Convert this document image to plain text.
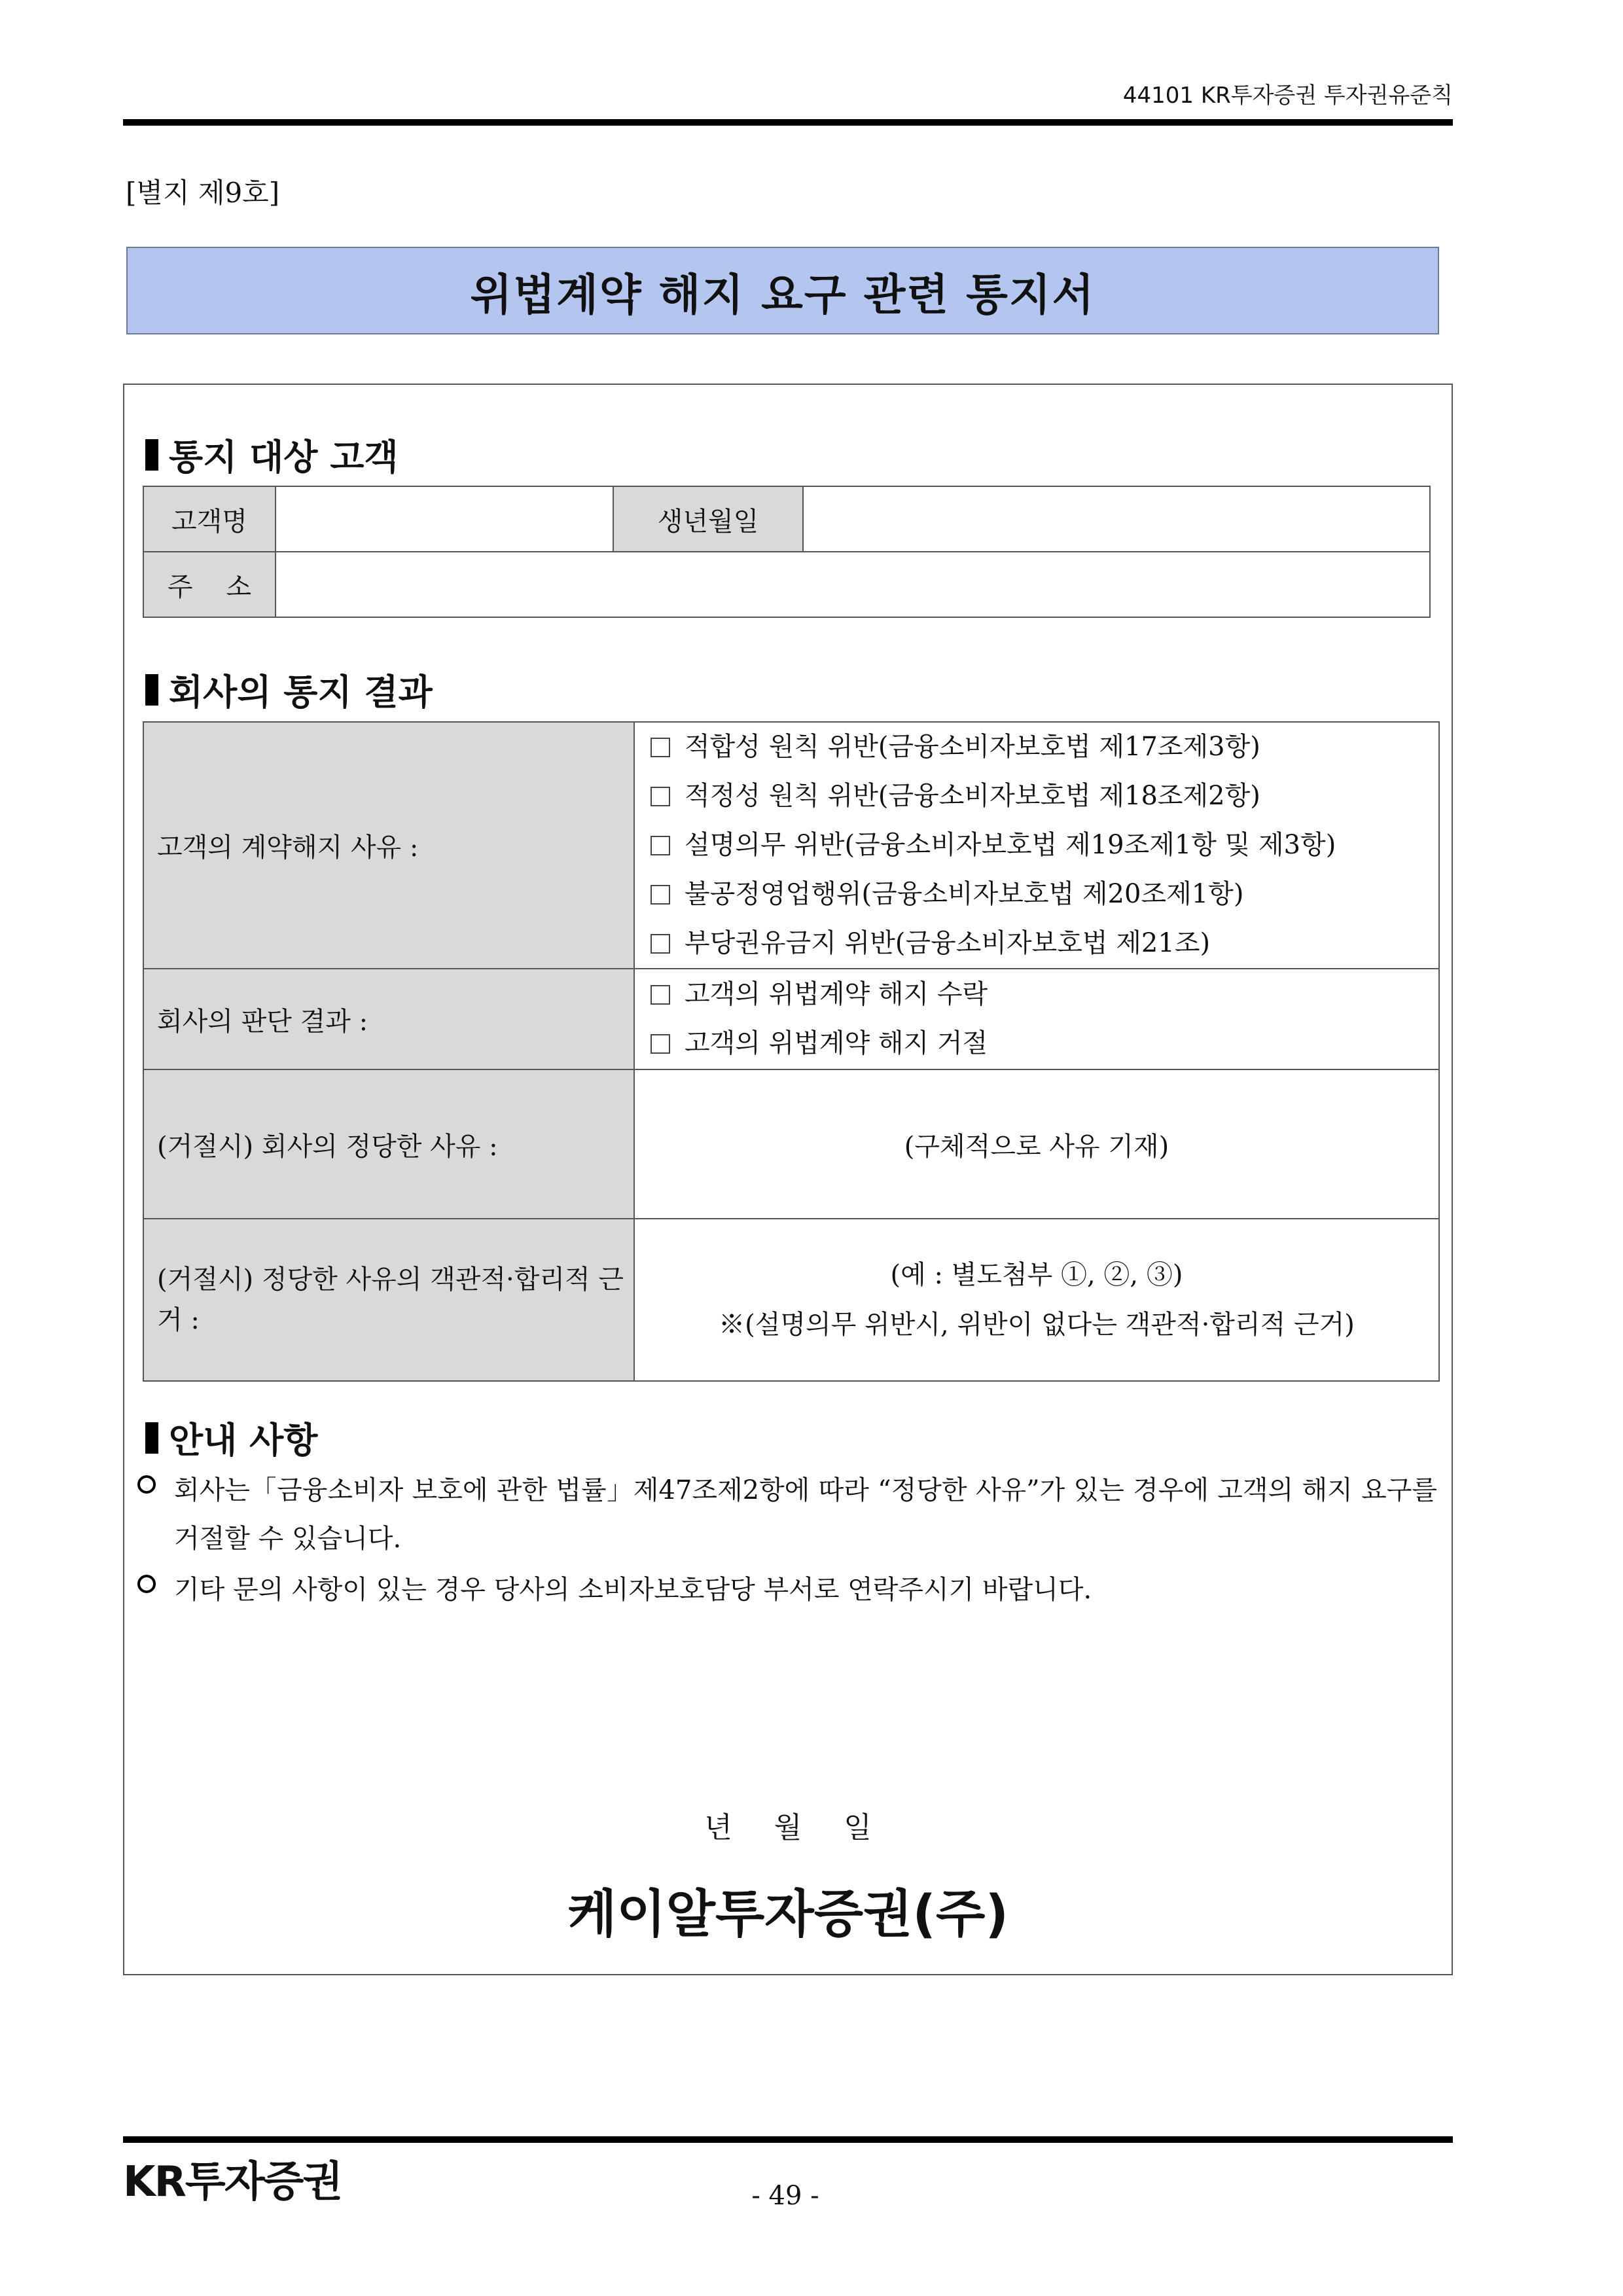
44101 KR투자증권 투자권유준칙
[별지 제9호]
위법계약 해지 요구 관련 통지서
통지 대상 고객
고객명		생년월일	
주    소			
회사의 통지 결과
고객의 계약해지 사유 :	적합성 원칙 위반(금융소비자보호법 제17조제3항)
적정성 원칙 위반(금융소비자보호법 제18조제2항)
설명의무 위반(금융소비자보호법 제19조제1항 및 제3항)
불공정영업행위(금융소비자보호법 제20조제1항)
부당권유금지 위반(금융소비자보호법 제21조)

회사의 판단 결과 :	고객의 위법계약 해지 수락
고객의 위법계약 해지 거절

(거절시) 회사의 정당한 사유 :	(구체적으로 사유 기재)
(거절시) 정당한 사유의 객관적·합리적 근거 :	(예 : 별도첨부 ①, ②, ③)
※(설명의무 위반시, 위반이 없다는 객관적·합리적 근거)
안내 사항
회사는「금융소비자 보호에 관한 법률」제47조제2항에 따라 “정당한 사유”가 있는 경우에 고객의 해지 요구를 거절할 수 있습니다.
기타 문의 사항이 있는 경우 당사의 소비자보호담당 부서로 연락주시기 바랍니다.
년 월 일
케이알투자증권(주)
KR투자증권	- 49 -
